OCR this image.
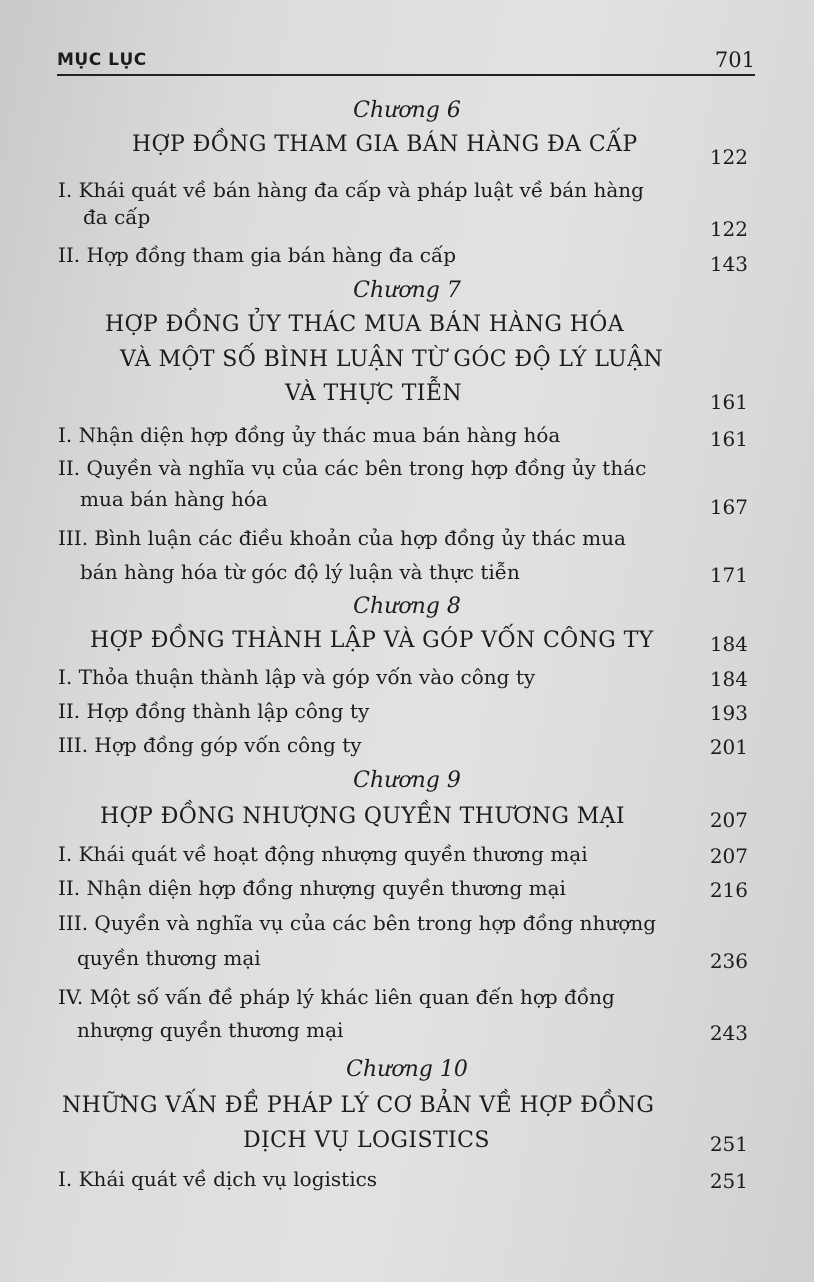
MỤC LỤC	701
Chương 6
HỢP ĐỒNG THAM GIA BÁN HÀNG ĐA CẤP	122
I. Khái quát về bán hàng đa cấp và pháp luật về bán hàng
đa cấp	122
II. Hợp đồng tham gia bán hàng đa cấp	143
Chương 7
HỢP ĐỒNG ỦY THÁC MUA BÁN HÀNG HÓA
VÀ MỘT SỐ BÌNH LUẬN TỪ GÓC ĐỘ LÝ LUẬN
VÀ THỰC TIỄN	161
I. Nhận diện hợp đồng ủy thác mua bán hàng hóa	161
II. Quyền và nghĩa vụ của các bên trong hợp đồng ủy thác
mua bán hàng hóa	167
III. Bình luận các điều khoản của hợp đồng ủy thác mua
bán hàng hóa từ góc độ lý luận và thực tiễn	171
Chương 8
HỢP ĐỒNG THÀNH LẬP VÀ GÓP VỐN CÔNG TY	184
I. Thỏa thuận thành lập và góp vốn vào công ty	184
II. Hợp đồng thành lập công ty	193
III. Hợp đồng góp vốn công ty	201
Chương 9
HỢP ĐỒNG NHƯỢNG QUYỀN THƯƠNG MẠI	207
I. Khái quát về hoạt động nhượng quyền thương mại	207
II. Nhận diện hợp đồng nhượng quyền thương mại	216
III. Quyền và nghĩa vụ của các bên trong hợp đồng nhượng
quyền thương mại	236
IV. Một số vấn đề pháp lý khác liên quan đến hợp đồng
nhượng quyền thương mại	243
Chương 10
NHỮNG VẤN ĐỀ PHÁP LÝ CƠ BẢN VỀ HỢP ĐỒNG
DỊCH VỤ LOGISTICS	251
I. Khái quát về dịch vụ logistics	251
